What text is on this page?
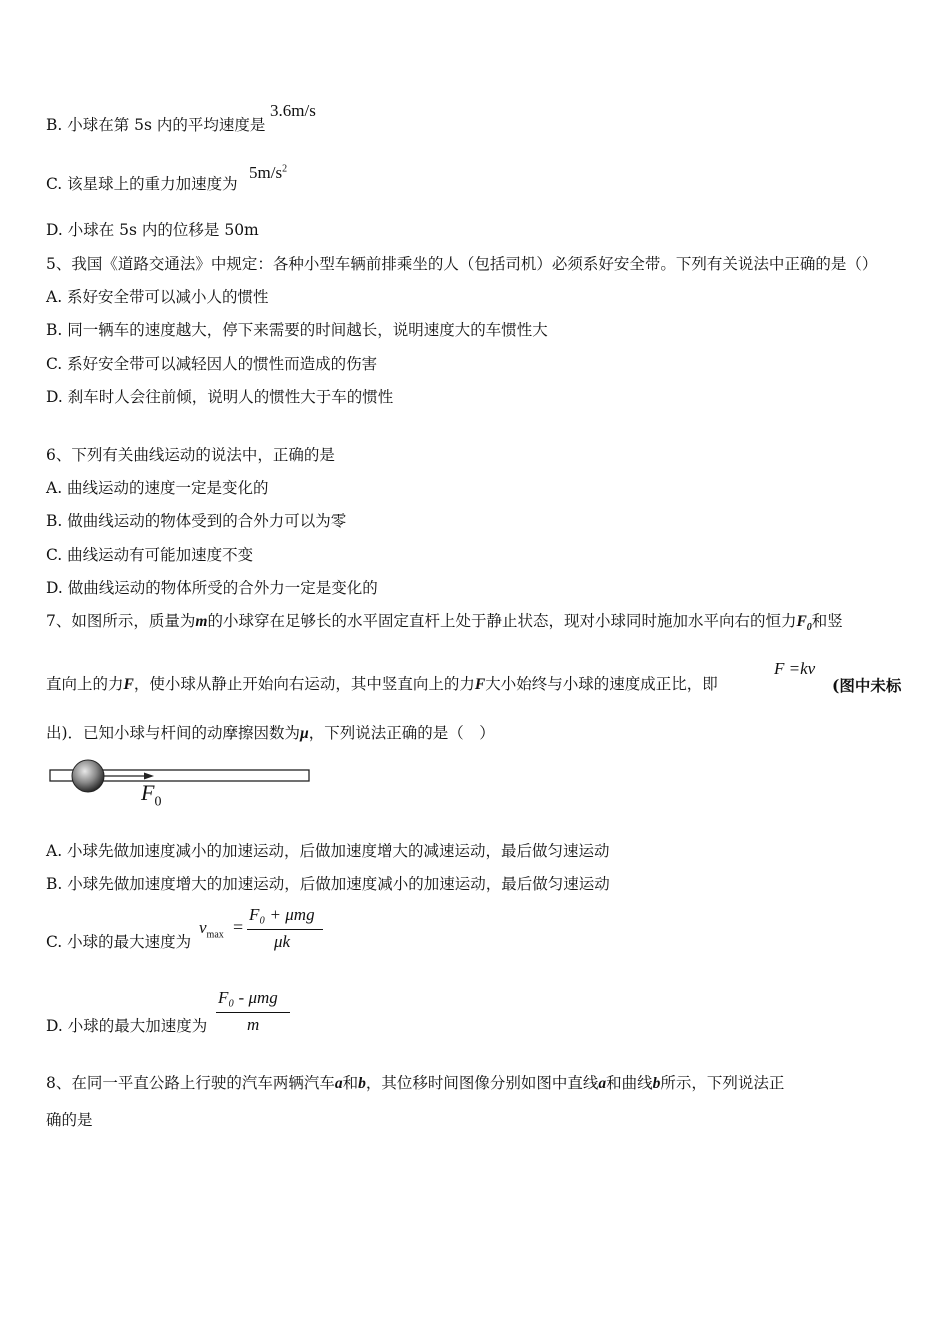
B. 小球在第 5s 内的平均速度是
3.6m/s
C. 该星球上的重力加速度为
$5m/s^2$
D. 小球在 5s 内的位移是 50m
5、我国《道路交通法》中规定：各种小型车辆前排乘坐的人（包括司机）必须系好安全带。下列有关说法中正确的是（）
A. 系好安全带可以减小人的惯性
B. 同一辆车的速度越大，停下来需要的时间越长，说明速度大的车惯性大
C. 系好安全带可以减轻因人的惯性而造成的伤害
D. 刹车时人会往前倾，说明人的惯性大于车的惯性
6、下列有关曲线运动的说法中，正确的是
A. 曲线运动的速度一定是变化的
B. 做曲线运动的物体受到的合外力可以为零
C. 曲线运动有可能加速度不变
D. 做曲线运动的物体所受的合外力一定是变化的
7、如图所示，质量为m的小球穿在足够长的水平固定直杆上处于静止状态，现对小球同时施加水平向右的恒力$F_0$和竖
直向上的力F，使小球从静止开始向右运动，其中竖直向上的力F大小始终与小球的速度成正比，即
F =kv
(图中未标
出)．已知小球与杆间的动摩擦因数为μ，下列说法正确的是（　）
$F_0$
A. 小球先做加速度减小的加速运动，后做加速度增大的减速运动，最后做匀速运动
B. 小球先做加速度增大的加速运动，后做加速度减小的加速运动，最后做匀速运动
C. 小球的最大速度为
$v_{max}$ =
F₀ + μmg
μk
D. 小球的最大加速度为
F₀ - μmg
m
8、在同一平直公路上行驶的汽车两辆汽车a和b，其位移时间图像分别如图中直线a和曲线b所示，下列说法正
确的是
